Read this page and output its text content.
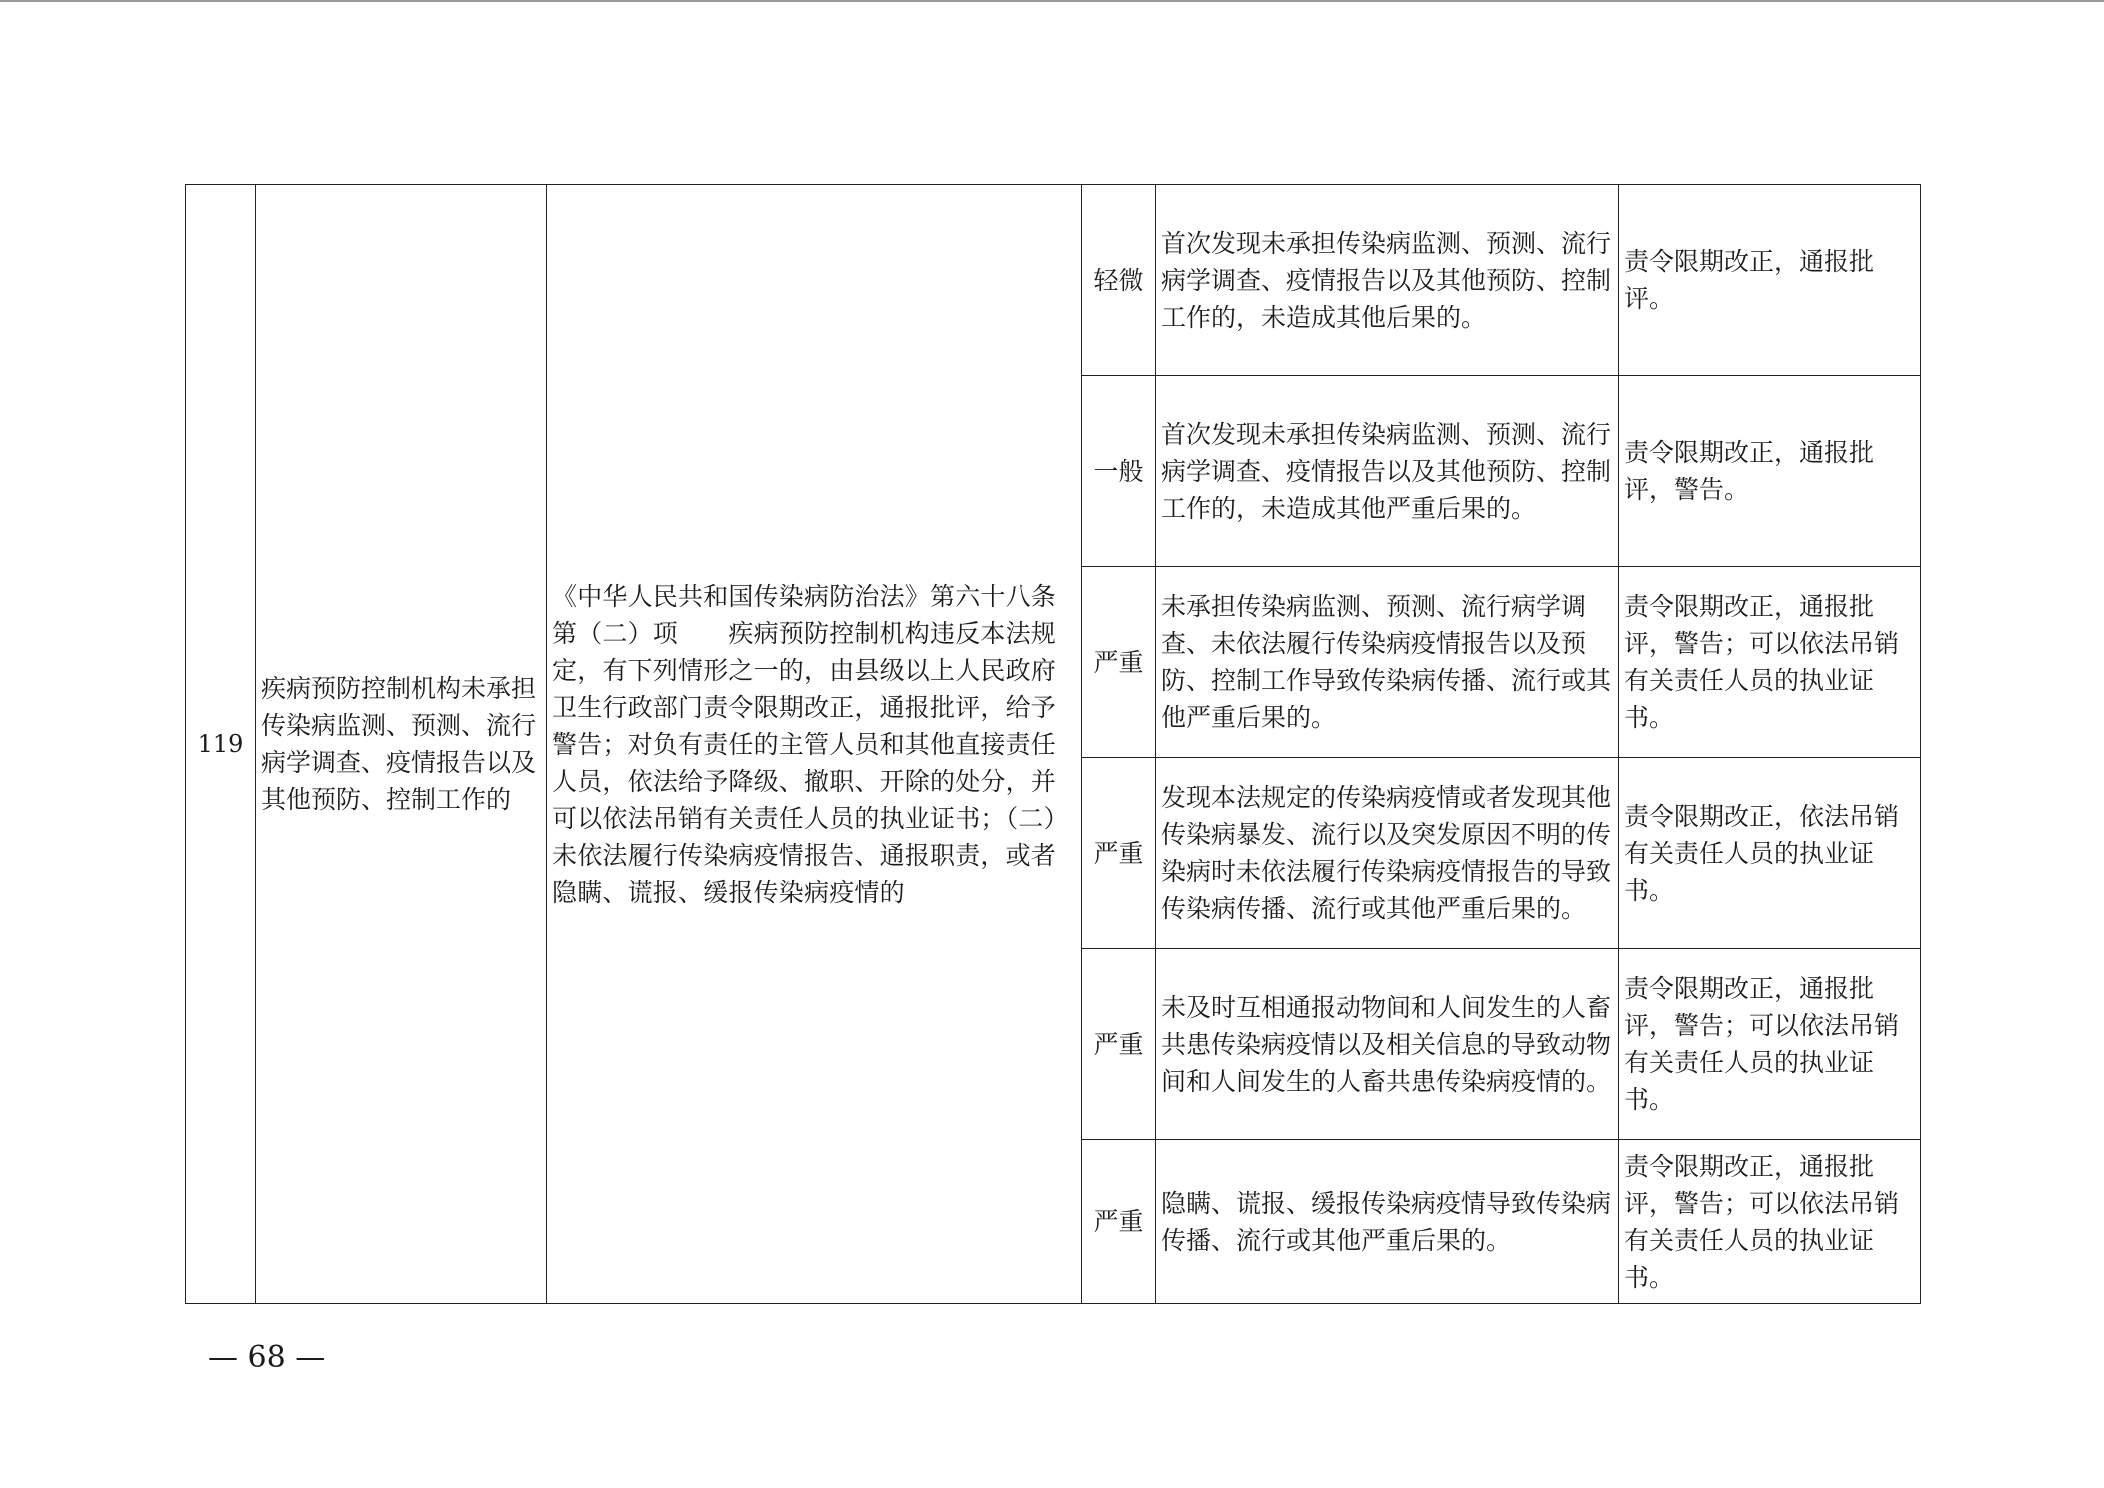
119	疾病预防控制机构未承担传染病监测、预测、流行病学调查、疫情报告以及其他预防、控制工作的	《中华人民共和国传染病防治法》第六十八条第（二）项　　疾病预防控制机构违反本法规定，有下列情形之一的，由县级以上人民政府卫生行政部门责令限期改正，通报批评，给予警告；对负有责任的主管人员和其他直接责任人员，依法给予降级、撤职、开除的处分，并可以依法吊销有关责任人员的执业证书；（二）未依法履行传染病疫情报告、通报职责，或者隐瞒、谎报、缓报传染病疫情的	轻微	首次发现未承担传染病监测、预测、流行病学调查、疫情报告以及其他预防、控制工作的，未造成其他后果的。	责令限期改正，通报批评。
			一般	首次发现未承担传染病监测、预测、流行病学调查、疫情报告以及其他预防、控制工作的，未造成其他严重后果的。	责令限期改正，通报批评，警告。
			严重	未承担传染病监测、预测、流行病学调查、未依法履行传染病疫情报告以及预防、控制工作导致传染病传播、流行或其他严重后果的。	责令限期改正，通报批评，警告；可以依法吊销有关责任人员的执业证书。
			严重	发现本法规定的传染病疫情或者发现其他传染病暴发、流行以及突发原因不明的传染病时未依法履行传染病疫情报告的导致传染病传播、流行或其他严重后果的。	责令限期改正，依法吊销有关责任人员的执业证书。
			严重	未及时互相通报动物间和人间发生的人畜共患传染病疫情以及相关信息的导致动物间和人间发生的人畜共患传染病疫情的。	责令限期改正，通报批评，警告；可以依法吊销有关责任人员的执业证书。
			严重	隐瞒、谎报、缓报传染病疫情导致传染病传播、流行或其他严重后果的。	责令限期改正，通报批评，警告；可以依法吊销有关责任人员的执业证书。
— 68 —
